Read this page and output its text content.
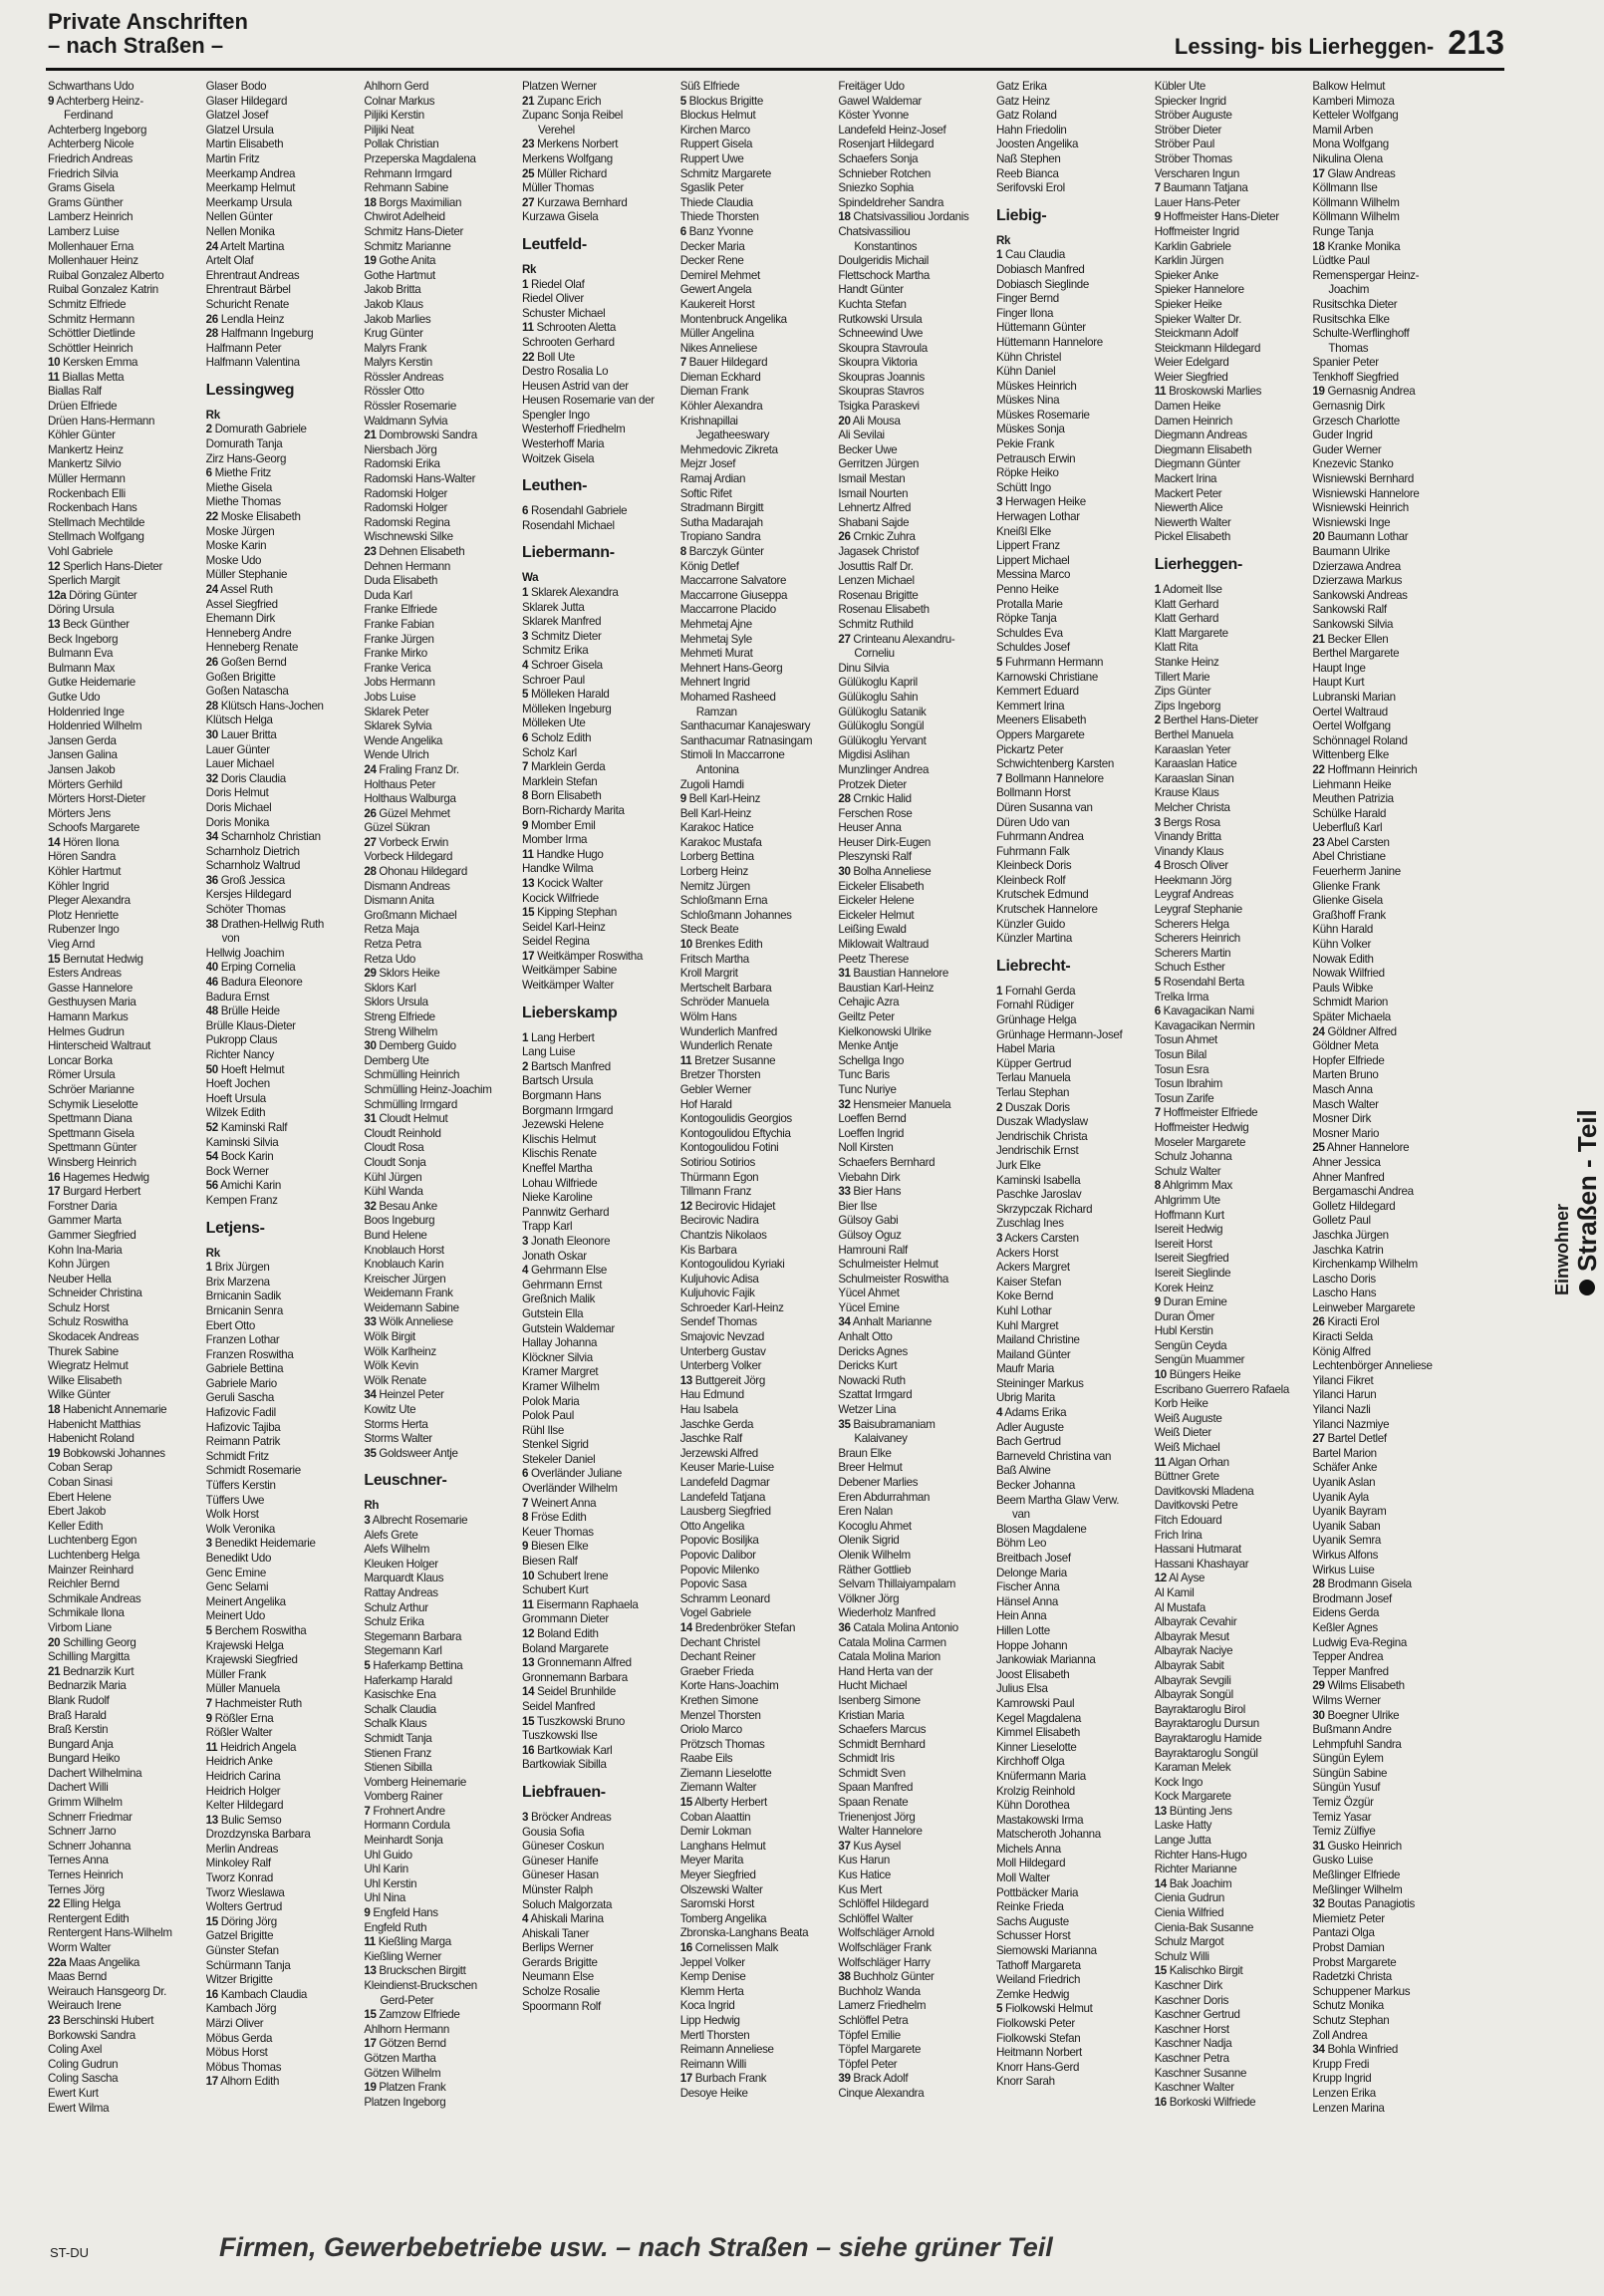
Private Anschriften
– nach Straßen –	Lessing- bis Lierheggen- 213
Schwarthans Udo
9 Achterberg Heinz-
Ferdinand
Achterberg Ingeborg
Achterberg Nicole
Friedrich Andreas
Friedrich Silvia
Grams Gisela
Grams Günther
Lamberz Heinrich
Lamberz Luise
Mollenhauer Erna
Mollenhauer Heinz
Ruibal Gonzalez Alberto
Ruibal Gonzalez Katrin
Schmitz Elfriede
Schmitz Hermann
Schöttler Dietlinde
Schöttler Heinrich
10 Kersken Emma
11 Biallas Metta
Biallas Ralf
Drüen Elfriede
Drüen Hans-Hermann
Köhler Günter
Mankertz Heinz
Mankertz Silvio
Müller Hermann
Rockenbach Elli
Rockenbach Hans
Stellmach Mechtilde
Stellmach Wolfgang
Vohl Gabriele
12 Sperlich Hans-Dieter
Sperlich Margit
12a Döring Günter
Döring Ursula
13 Beck Günther
Beck Ingeborg
Bulmann Eva
Bulmann Max
Gutke Heidemarie
Gutke Udo
Holdenried Inge
Holdenried Wilhelm
Jansen Gerda
Jansen Galina
Jansen Jakob
Mörters Gerhild
Mörters Horst-Dieter
Mörters Jens
Schoofs Margarete
14 Hören Ilona
Hören Sandra
Köhler Hartmut
Köhler Ingrid
Pleger Alexandra
Plotz Henriette
Rubenzer Ingo
Vieg Arnd
15 Bernutat Hedwig
Esters Andreas
Gasse Hannelore
Gesthuysen Maria
Hamann Markus
Helmes Gudrun
Hinterscheid Waltraut
Loncar Borka
Römer Ursula
Schröer Marianne
Schymik Lieselotte
Spettmann Diana
Spettmann Gisela
Spettmann Günter
Winsberg Heinrich
16 Hagemes Hedwig
17 Burgard Herbert
Forstner Daria
Gammer Marta
Gammer Siegfried
Kohn Ina-Maria
Kohn Jürgen
Neuber Hella
Schneider Christina
Schulz Horst
Schulz Roswitha
Skodacek Andreas
Thurek Sabine
Wiegratz Helmut
Wilke Elisabeth
Wilke Günter
18 Habenicht Annemarie
Habenicht Matthias
Habenicht Roland
19 Bobkowski Johannes
Coban Serap
Coban Sinasi
Ebert Helene
Ebert Jakob
Keller Edith
Luchtenberg Egon
Luchtenberg Helga
Mainzer Reinhard
Reichler Bernd
Schmikale Andreas
Schmikale Ilona
Virbom Liane
20 Schilling Georg
Schilling Margitta
21 Bednarzik Kurt
Bednarzik Maria
Blank Rudolf
Braß Harald
Braß Kerstin
Bungard Anja
Bungard Heiko
Dachert Wilhelmina
Dachert Willi
Grimm Wilhelm
Schnerr Friedmar
Schnerr Jarno
Schnerr Johanna
Ternes Anna
Ternes Heinrich
Ternes Jörg
22 Elling Helga
Rentergent Edith
Rentergent Hans-Wilhelm
Worm Walter
22a Maas Angelika
Maas Bernd
Weirauch Hansgeorg Dr.
Weirauch Irene
23 Berschinski Hubert
Borkowski Sandra
Coling Axel
Coling Gudrun
Coling Sascha
Ewert Kurt
Ewert Wilma
Glaser Bodo
Glaser Hildegard
Glatzel Josef
Glatzel Ursula
Martin Elisabeth
Martin Fritz
Meerkamp Andrea
Meerkamp Helmut
Meerkamp Ursula
Nellen Günter
Nellen Monika
24 Artelt Martina
Artelt Olaf
Ehrentraut Andreas
Ehrentraut Bärbel
Schuricht Renate
26 Lendla Heinz
28 Halfmann Ingeburg
Halfmann Peter
Halfmann Valentina
Lessingweg
Rk
2 Domurath Gabriele
Domurath Tanja
Zirz Hans-Georg
6 Miethe Fritz
Miethe Gisela
Miethe Thomas
22 Moske Elisabeth
Moske Jürgen
Moske Karin
Moske Udo
Müller Stephanie
24 Assel Ruth
Assel Siegfried
Ehemann Dirk
Henneberg Andre
Henneberg Renate
26 Goßen Bernd
Goßen Brigitte
Goßen Natascha
28 Klütsch Hans-Jochen
Klütsch Helga
30 Lauer Britta
Lauer Günter
Lauer Michael
32 Doris Claudia
Doris Helmut
Doris Michael
Doris Monika
34 Scharnholz Christian
Scharnholz Dietrich
Scharnholz Waltrud
36 Groß Jessica
Kersjes Hildegard
Schöter Thomas
38 Drathen-Hellwig Ruth
von
Hellwig Joachim
40 Erping Cornelia
46 Badura Eleonore
Badura Ernst
48 Brülle Heide
Brülle Klaus-Dieter
Pukropp Claus
Richter Nancy
50 Hoeft Helmut
Hoeft Jochen
Hoeft Ursula
Wilzek Edith
52 Kaminski Ralf
Kaminski Silvia
54 Bock Karin
Bock Werner
56 Amichi Karin
Kempen Franz
Letjens-
Rk
1 Brix Jürgen
Brix Marzena
Brnicanin Sadik
Brnicanin Senra
Ebert Otto
Franzen Lothar
Franzen Roswitha
Gabriele Bettina
Gabriele Mario
Geruli Sascha
Hafizovic Fadil
Hafizovic Tajiba
Reimann Patrik
Schmidt Fritz
Schmidt Rosemarie
Tüffers Kerstin
Tüffers Uwe
Wolk Horst
Wolk Veronika
3 Benedikt Heidemarie
Benedikt Udo
Genc Emine
Genc Selami
Meinert Angelika
Meinert Udo
5 Berchem Roswitha
Krajewski Helga
Krajewski Siegfried
Müller Frank
Müller Manuela
7 Hachmeister Ruth
9 Rößler Erna
Rößler Walter
11 Heidrich Angela
Heidrich Anke
Heidrich Carina
Heidrich Holger
Kelter Hildegard
13 Bulic Semso
Drozdzynska Barbara
Merlin Andreas
Minkoley Ralf
Tworz Konrad
Tworz Wieslawa
Wolters Gertrud
15 Döring Jörg
Gatzel Brigitte
Günster Stefan
Schürmann Tanja
Witzer Brigitte
16 Kambach Claudia
Kambach Jörg
Märzi Oliver
Möbus Gerda
Möbus Horst
Möbus Thomas
17 Alhorn Edith
Ahlhorn Gerd
Colnar Markus
Piljiki Kerstin
Piljiki Neat
Pollak Christian
Przeperska Magdalena
Rehmann Irmgard
Rehmann Sabine
18 Borgs Maximilian
Chwirot Adelheid
Schmitz Hans-Dieter
Schmitz Marianne
19 Gothe Anita
Gothe Hartmut
Jakob Britta
Jakob Klaus
Jakob Marlies
Krug Günter
Malyrs Frank
Malyrs Kerstin
Rössler Andreas
Rössler Otto
Rössler Rosemarie
Waldmann Sylvia
21 Dombrowski Sandra
Niersbach Jörg
Radomski Erika
Radomski Hans-Walter
Radomski Holger
Radomski Holger
Radomski Regina
Wischnewski Silke
23 Dehnen Elisabeth
Dehnen Hermann
Duda Elisabeth
Duda Karl
Franke Elfriede
Franke Fabian
Franke Jürgen
Franke Mirko
Franke Verica
Jobs Hermann
Jobs Luise
Sklarek Peter
Sklarek Sylvia
Wende Angelika
Wende Ulrich
24 Fraling Franz Dr.
Holthaus Peter
Holthaus Walburga
26 Güzel Mehmet
Güzel Sükran
27 Vorbeck Erwin
Vorbeck Hildegard
28 Ohonau Hildegard
Dismann Andreas
Dismann Anita
Großmann Michael
Retza Maja
Retza Petra
Retza Udo
29 Sklors Heike
Sklors Karl
Sklors Ursula
Streng Elfriede
Streng Wilhelm
30 Demberg Guido
Demberg Ute
Schmülling Heinrich
Schmülling Heinz-Joachim
Schmülling Irmgard
31 Cloudt Helmut
Cloudt Reinhold
Cloudt Rosa
Cloudt Sonja
Kühl Jürgen
Kühl Wanda
32 Besau Anke
Boos Ingeburg
Bund Helene
Knoblauch Horst
Knoblauch Karin
Kreischer Jürgen
Weidemann Frank
Weidemann Sabine
33 Wölk Anneliese
Wölk Birgit
Wölk Karlheinz
Wölk Kevin
Wölk Renate
34 Heinzel Peter
Kowitz Ute
Storms Herta
Storms Walter
35 Goldsweer Antje
Leuschner-
Rh
3 Albrecht Rosemarie
Alefs Grete
Alefs Wilhelm
Kleuken Holger
Marquardt Klaus
Rattay Andreas
Schulz Arthur
Schulz Erika
Stegemann Barbara
Stegemann Karl
5 Haferkamp Bettina
Haferkamp Harald
Kasischke Ena
Schalk Claudia
Schalk Klaus
Schmidt Tanja
Stienen Franz
Stienen Sibilla
Vomberg Heinemarie
Vomberg Rainer
7 Frohnert Andre
Hormann Cordula
Meinhardt Sonja
Uhl Guido
Uhl Karin
Uhl Kerstin
Uhl Nina
9 Engfeld Hans
Engfeld Ruth
11 Kießling Marga
Kießling Werner
13 Bruckschen Birgitt
Kleindienst-Bruckschen
Gerd-Peter
15 Zamzow Elfriede
Ahlhorn Hermann
17 Götzen Bernd
Götzen Martha
Götzen Wilhelm
19 Platzen Frank
Platzen Ingeborg
Platzen Werner
21 Zupanc Erich
Zupanc Sonja Reibel
Verehel
23 Merkens Norbert
Merkens Wolfgang
25 Müller Richard
Müller Thomas
27 Kurzawa Bernhard
Kurzawa Gisela
Leutfeld-
Rk
1 Riedel Olaf
Riedel Oliver
Schuster Michael
11 Schrooten Aletta
Schrooten Gerhard
22 Boll Ute
Destro Rosalia Lo
Heusen Astrid van der
Heusen Rosemarie van der
Spengler Ingo
Westerhoff Friedhelm
Westerhoff Maria
Woitzek Gisela
Leuthen-
6 Rosendahl Gabriele
Rosendahl Michael
Liebermann-
Wa
1 Sklarek Alexandra
Sklarek Jutta
Sklarek Manfred
3 Schmitz Dieter
Schmitz Erika
4 Schroer Gisela
Schroer Paul
5 Mölleken Harald
Mölleken Ingeburg
Mölleken Ute
6 Scholz Edith
Scholz Karl
7 Marklein Gerda
Marklein Stefan
8 Born Elisabeth
Born-Richardy Marita
9 Momber Emil
Momber Irma
11 Handke Hugo
Handke Wilma
13 Kocick Walter
Kocick Wilfriede
15 Kipping Stephan
Seidel Karl-Heinz
Seidel Regina
17 Weitkämper Roswitha
Weitkämper Sabine
Weitkämper Walter
Lieberskamp
1 Lang Herbert
Lang Luise
2 Bartsch Manfred
Bartsch Ursula
Borgmann Hans
Borgmann Irmgard
Jezewski Helene
Klischis Helmut
Klischis Renate
Kneffel Martha
Lohau Wilfriede
Nieke Karoline
Pannwitz Gerhard
Trapp Karl
3 Jonath Eleonore
Jonath Oskar
4 Gehrmann Else
Gehrmann Ernst
Greßnich Malik
Gutstein Ella
Gutstein Waldemar
Hallay Johanna
Klöckner Silvia
Kramer Margret
Kramer Wilhelm
Polok Maria
Polok Paul
Rühl Ilse
Stenkel Sigrid
Stekeler Daniel
6 Overländer Juliane
Overländer Wilhelm
7 Weinert Anna
8 Fröse Edith
Keuer Thomas
9 Biesen Elke
Biesen Ralf
10 Schubert Irene
Schubert Kurt
11 Eisermann Raphaela
Grommann Dieter
12 Boland Edith
Boland Margarete
13 Gronnemann Alfred
Gronnemann Barbara
14 Seidel Brunhilde
Seidel Manfred
15 Tuszkowski Bruno
Tuszkowski Ilse
16 Bartkowiak Karl
Bartkowiak Sibilla
Liebfrauen-
3 Bröcker Andreas
Gousia Sofia
Güneser Coskun
Güneser Hanife
Güneser Hasan
Münster Ralph
Soluch Malgorzata
4 Ahiskali Marina
Ahiskali Taner
Berlips Werner
Gerards Brigitte
Neumann Else
Scholze Rosalie
Spoormann Rolf
Süß Elfriede
5 Blockus Brigitte
Blockus Helmut
Kirchen Marco
Ruppert Gisela
Ruppert Uwe
Schmitz Margarete
Sgaslik Peter
Thiede Claudia
Thiede Thorsten
6 Banz Yvonne
Decker Maria
Decker Rene
Demirel Mehmet
Gewert Angela
Kaukereit Horst
Montenbruck Angelika
Müller Angelina
Nikes Anneliese
7 Bauer Hildegard
Dieman Eckhard
Dieman Frank
Köhler Alexandra
Krishnapillai
Jegatheeswary
Mehmedovic Zikreta
Mejzr Josef
Ramaj Ardian
Softic Rifet
Stradmann Birgitt
Sutha Madarajah
Tropiano Sandra
8 Barczyk Günter
König Detlef
Maccarrone Salvatore
Maccarrone Giuseppa
Maccarrone Placido
Mehmetaj Ajne
Mehmetaj Syle
Mehmeti Murat
Mehnert Hans-Georg
Mehnert Ingrid
Mohamed Rasheed
Ramzan
Santhacumar Kanajeswary
Santhacumar Ratnasingam
Stimoli In Maccarrone
Antonina
Zugoli Hamdi
9 Bell Karl-Heinz
Bell Karl-Heinz
Karakoc Hatice
Karakoc Mustafa
Lorberg Bettina
Lorberg Heinz
Nemitz Jürgen
Schloßmann Erna
Schloßmann Johannes
Steck Beate
10 Brenkes Edith
Fritsch Martha
Kroll Margrit
Mertschelt Barbara
Schröder Manuela
Wölm Hans
Wunderlich Manfred
Wunderlich Renate
11 Bretzer Susanne
Bretzer Thorsten
Gebler Werner
Hof Harald
Kontogoulidis Georgios
Kontogoulidou Eftychia
Kontogoulidou Fotini
Sotiriou Sotirios
Thürmann Egon
Tillmann Franz
12 Becirovic Hidajet
Becirovic Nadira
Chantzis Nikolaos
Kis Barbara
Kontogoulidou Kyriaki
Kuljuhovic Adisa
Kuljuhovic Fajik
Schroeder Karl-Heinz
Sendef Thomas
Smajovic Nevzad
Unterberg Gustav
Unterberg Volker
13 Buttgereit Jörg
Hau Edmund
Hau Isabela
Jaschke Gerda
Jaschke Ralf
Jerzewski Alfred
Keuser Marie-Luise
Landefeld Dagmar
Landefeld Tatjana
Lausberg Siegfried
Otto Angelika
Popovic Bosiljka
Popovic Dalibor
Popovic Milenko
Popovic Sasa
Schramm Leonard
Vogel Gabriele
14 Bredenbröker Stefan
Dechant Christel
Dechant Reiner
Graeber Frieda
Korte Hans-Joachim
Krethen Simone
Menzel Thorsten
Oriolo Marco
Prötzsch Thomas
Raabe Eils
Ziemann Lieselotte
Ziemann Walter
15 Alberty Herbert
Coban Alaattin
Demir Lokman
Langhans Helmut
Meyer Marita
Meyer Siegfried
Olszewski Walter
Saromski Horst
Tomberg Angelika
Zbronska-Langhans Beata
16 Cornelissen Malk
Jeppel Volker
Kemp Denise
Klemm Herta
Koca Ingrid
Lipp Hedwig
Mertl Thorsten
Reimann Anneliese
Reimann Willi
17 Burbach Frank
Desoye Heike
Freitäger Udo
Gawel Waldemar
Köster Yvonne
Landefeld Heinz-Josef
Rosenjart Hildegard
Schaefers Sonja
Schnieber Rotchen
Sniezko Sophia
Spindeldreher Sandra
18 Chatsivassiliou Jordanis
Chatsivassiliou
Konstantinos
Doulgeridis Michail
Flettschock Martha
Handt Günter
Kuchta Stefan
Rutkowski Ursula
Schneewind Uwe
Skoupra Stavroula
Skoupra Viktoria
Skoupras Joannis
Skoupras Stavros
Tsigka Paraskevi
20 Ali Mousa
Ali Sevilai
Becker Uwe
Gerritzen Jürgen
Ismail Mestan
Ismail Nourten
Lehnertz Alfred
Shabani Sajde
26 Crnkic Zuhra
Jagasek Christof
Josuttis Ralf Dr.
Lenzen Michael
Rosenau Brigitte
Rosenau Elisabeth
Schmitz Ruthild
27 Crinteanu Alexandru-
Corneliu
Dinu Silvia
Gülükoglu Kapril
Gülükoglu Sahin
Gülükoglu Satanik
Gülükoglu Songül
Gülükoglu Yervant
Migdisi Aslihan
Munzlinger Andrea
Protzek Dieter
28 Crnkic Halid
Ferschen Rose
Heuser Anna
Heuser Dirk-Eugen
Pleszynski Ralf
30 Bolha Anneliese
Eickeler Elisabeth
Eickeler Helene
Eickeler Helmut
Leißing Ewald
Miklowait Waltraud
Peetz Therese
31 Baustian Hannelore
Baustian Karl-Heinz
Cehajic Azra
Geiltz Peter
Kielkonowski Ulrike
Menke Antje
Schellga Ingo
Tunc Baris
Tunc Nuriye
32 Hensmeier Manuela
Loeffen Bernd
Loeffen Ingrid
Noll Kirsten
Schaefers Bernhard
Viebahn Dirk
33 Bier Hans
Bier Ilse
Gülsoy Gabi
Gülsoy Oguz
Hamrouni Ralf
Schulmeister Helmut
Schulmeister Roswitha
Yücel Ahmet
Yücel Emine
34 Anhalt Marianne
Anhalt Otto
Dericks Agnes
Dericks Kurt
Nowacki Ruth
Szattat Irmgard
Wetzer Lina
35 Baisubramaniam
Kalaivaney
Braun Elke
Breer Helmut
Debener Marlies
Eren Abdurrahman
Eren Nalan
Kocoglu Ahmet
Olenik Sigrid
Olenik Wilhelm
Räther Gottlieb
Selvam Thillaiyampalam
Völkner Jörg
Wiederholz Manfred
36 Catala Molina Antonio
Catala Molina Carmen
Catala Molina Marion
Hand Herta van der
Hucht Michael
Isenberg Simone
Kristian Maria
Schaefers Marcus
Schmidt Bernhard
Schmidt Iris
Schmidt Sven
Spaan Manfred
Spaan Renate
Trienenjost Jörg
Walter Hannelore
37 Kus Aysel
Kus Harun
Kus Hatice
Kus Mert
Schlöffel Hildegard
Schlöffel Walter
Wolfschläger Arnold
Wolfschläger Frank
Wolfschläger Harry
38 Buchholz Günter
Buchholz Wanda
Lamerz Friedhelm
Schlöffel Petra
Töpfel Emilie
Töpfel Margarete
Töpfel Peter
39 Brack Adolf
Cinque Alexandra
Gatz Erika
Gatz Heinz
Gatz Roland
Hahn Friedolin
Joosten Angelika
Naß Stephen
Reeb Bianca
Serifovski Erol
Liebig-
Rk
1 Cau Claudia
Dobiasch Manfred
Dobiasch Sieglinde
Finger Bernd
Finger Ilona
Hüttemann Günter
Hüttemann Hannelore
Kühn Christel
Kühn Daniel
Müskes Heinrich
Müskes Nina
Müskes Rosemarie
Müskes Sonja
Pekie Frank
Petrausch Erwin
Röpke Heiko
Schütt Ingo
3 Herwagen Heike
Herwagen Lothar
Kneißl Elke
Lippert Franz
Lippert Michael
Messina Marco
Penno Heike
Protalla Marie
Röpke Tanja
Schuldes Eva
Schuldes Josef
5 Fuhrmann Hermann
Karnowski Christiane
Kemmert Eduard
Kemmert Irina
Meeners Elisabeth
Oppers Margarete
Pickartz Peter
Schwichtenberg Karsten
7 Bollmann Hannelore
Bollmann Horst
Düren Susanna van
Düren Udo van
Fuhrmann Andrea
Fuhrmann Falk
Kleinbeck Doris
Kleinbeck Rolf
Krutschek Edmund
Krutschek Hannelore
Künzler Guido
Künzler Martina
Liebrecht-
1 Fornahl Gerda
Fornahl Rüdiger
Grünhage Helga
Grünhage Hermann-Josef
Habel Maria
Küpper Gertrud
Terlau Manuela
Terlau Stephan
2 Duszak Doris
Duszak Wladyslaw
Jendrischik Christa
Jendrischik Ernst
Jurk Elke
Kaminski Isabella
Paschke Jaroslav
Skrzypczak Richard
Zuschlag Ines
3 Ackers Carsten
Ackers Horst
Ackers Margret
Kaiser Stefan
Koke Bernd
Kuhl Lothar
Kuhl Margret
Mailand Christine
Mailand Günter
Maufr Maria
Steininger Markus
Ubrig Marita
4 Adams Erika
Adler Auguste
Bach Gertrud
Barneveld Christina van
Baß Alwine
Becker Johanna
Beem Martha Glaw Verw.
van
Blosen Magdalene
Böhm Leo
Breitbach Josef
Delonge Maria
Fischer Anna
Hänsel Anna
Hein Anna
Hillen Lotte
Hoppe Johann
Jankowiak Marianna
Joost Elisabeth
Julius Elsa
Kamrowski Paul
Kegel Magdalena
Kimmel Elisabeth
Kinner Lieselotte
Kirchhoff Olga
Knüfermann Maria
Krolzig Reinhold
Kühn Dorothea
Mastakowski Irma
Matscheroth Johanna
Michels Anna
Moll Hildegard
Moll Walter
Pottbäcker Maria
Reinke Frieda
Sachs Auguste
Schusser Horst
Siemowski Marianna
Tathoff Margareta
Weiland Friedrich
Zemke Hedwig
5 Fiolkowski Helmut
Fiolkowski Peter
Fiolkowski Stefan
Heitmann Norbert
Knorr Hans-Gerd
Knorr Sarah
Kübler Ute
Spiecker Ingrid
Ströber Auguste
Ströber Dieter
Ströber Paul
Ströber Thomas
Verscharen Ingun
7 Baumann Tatjana
Lauer Hans-Peter
9 Hoffmeister Hans-Dieter
Hoffmeister Ingrid
Karklin Gabriele
Karklin Jürgen
Spieker Anke
Spieker Hannelore
Spieker Heike
Spieker Walter Dr.
Steickmann Adolf
Steickmann Hildegard
Weier Edelgard
Weier Siegfried
11 Broskowski Marlies
Damen Heike
Damen Heinrich
Diegmann Andreas
Diegmann Elisabeth
Diegmann Günter
Mackert Irina
Mackert Peter
Niewerth Alice
Niewerth Walter
Pickel Elisabeth
Lierheggen-
1 Adomeit Ilse
Klatt Gerhard
Klatt Gerhard
Klatt Margarete
Klatt Rita
Stanke Heinz
Tillert Marie
Zips Günter
Zips Ingeborg
2 Berthel Hans-Dieter
Berthel Manuela
Karaaslan Yeter
Karaaslan Hatice
Karaaslan Sinan
Krause Klaus
Melcher Christa
3 Bergs Rosa
Vinandy Britta
Vinandy Klaus
4 Brosch Oliver
Heekmann Jörg
Leygraf Andreas
Leygraf Stephanie
Scherers Helga
Scherers Heinrich
Scherers Martin
Schuch Esther
5 Rosendahl Berta
Trelka Irma
6 Kavagacikan Nami
Kavagacikan Nermin
Tosun Ahmet
Tosun Bilal
Tosun Esra
Tosun Ibrahim
Tosun Zarife
7 Hoffmeister Elfriede
Hoffmeister Hedwig
Moseler Margarete
Schulz Johanna
Schulz Walter
8 Ahlgrimm Max
Ahlgrimm Ute
Hoffmann Kurt
Isereit Hedwig
Isereit Horst
Isereit Siegfried
Isereit Sieglinde
Korek Heinz
9 Duran Emine
Duran Ömer
Hubl Kerstin
Sengün Ceyda
Sengün Muammer
10 Büngers Heike
Escribano Guerrero Rafaela
Korb Heike
Weiß Auguste
Weiß Dieter
Weiß Michael
11 Algan Orhan
Büttner Grete
Davitkovski Mladena
Davitkovski Petre
Fitch Edouard
Frich Irina
Hassani Hutmarat
Hassani Khashayar
12 Al Ayse
Al Kamil
Al Mustafa
Albayrak Cevahir
Albayrak Mesut
Albayrak Naciye
Albayrak Sabit
Albayrak Sevgili
Albayrak Songül
Bayraktaroglu Birol
Bayraktaroglu Dursun
Bayraktaroglu Hamide
Bayraktaroglu Songül
Karaman Melek
Kock Ingo
Kock Margarete
13 Bünting Jens
Laske Hatty
Lange Jutta
Richter Hans-Hugo
Richter Marianne
14 Bak Joachim
Cienia Gudrun
Cienia Wilfried
Cienia-Bak Susanne
Schulz Margot
Schulz Willi
15 Kalischko Birgit
Kaschner Dirk
Kaschner Doris
Kaschner Gertrud
Kaschner Horst
Kaschner Nadja
Kaschner Petra
Kaschner Susanne
Kaschner Walter
16 Borkoski Wilfriede
Balkow Helmut
Kamberi Mimoza
Ketteler Wolfgang
Mamil Arben
Mona Wolfgang
Nikulina Olena
17 Glaw Andreas
Köllmann Ilse
Köllmann Wilhelm
Köllmann Wilhelm
Runge Tanja
18 Kranke Monika
Lüdtke Paul
Remenspergar Heinz-
Joachim
Rusitschka Dieter
Rusitschka Elke
Schulte-Werflinghoff
Thomas
Spanier Peter
Tenkhoff Siegfried
19 Gernasnig Andrea
Gernasnig Dirk
Grzesch Charlotte
Guder Ingrid
Guder Werner
Knezevic Stanko
Wisniewski Bernhard
Wisniewski Hannelore
Wisniewski Heinrich
Wisniewski Inge
20 Baumann Lothar
Baumann Ulrike
Dzierzawa Andrea
Dzierzawa Markus
Sankowski Andreas
Sankowski Ralf
Sankowski Silvia
21 Becker Ellen
Berthel Margarete
Haupt Inge
Haupt Kurt
Lubranski Marian
Oertel Waltraud
Oertel Wolfgang
Schönnagel Roland
Wittenberg Elke
22 Hoffmann Heinrich
Liehmann Heike
Meuthen Patrizia
Schülke Harald
Ueberfluß Karl
23 Abel Carsten
Abel Christiane
Feuerherm Janine
Glienke Frank
Glienke Gisela
Graßhoff Frank
Kühn Harald
Kühn Volker
Nowak Edith
Nowak Wilfried
Pauls Wibke
Schmidt Marion
Später Michaela
24 Göldner Alfred
Göldner Meta
Hopfer Elfriede
Marten Bruno
Masch Anna
Masch Walter
Mosner Dirk
Mosner Mario
25 Ahner Hannelore
Ahner Jessica
Ahner Manfred
Bergamaschi Andrea
Golletz Hildegard
Golletz Paul
Jaschka Jürgen
Jaschka Katrin
Kirchenkamp Wilhelm
Lascho Doris
Lascho Hans
Leinweber Margarete
26 Kiracti Erol
Kiracti Selda
König Alfred
Lechtenbörger Anneliese
Yilanci Fikret
Yilanci Harun
Yilanci Nazli
Yilanci Nazmiye
27 Bartel Detlef
Bartel Marion
Schäfer Anke
Uyanik Aslan
Uyanik Ayla
Uyanik Bayram
Uyanik Saban
Uyanik Semra
Wirkus Alfons
Wirkus Luise
28 Brodmann Gisela
Brodmann Josef
Eidens Gerda
Keßler Agnes
Ludwig Eva-Regina
Tepper Andrea
Tepper Manfred
29 Wilms Elisabeth
Wilms Werner
30 Boegner Ulrike
Bußmann Andre
Lehmpfuhl Sandra
Süngün Eylem
Süngün Sabine
Süngün Yusuf
Temiz Özgür
Temiz Yasar
Temiz Zülfiye
31 Gusko Heinrich
Gusko Luise
Meßlinger Elfriede
Meßlinger Wilhelm
32 Boutas Panagiotis
Miemietz Peter
Pantazi Olga
Probst Damian
Probst Margarete
Radetzki Christa
Schuppener Markus
Schutz Monika
Schutz Stephan
Zoll Andrea
34 Bohla Winfried
Krupp Fredi
Krupp Ingrid
Lenzen Erika
Lenzen Marina
Einwohner Straßen - Teil
ST-DU	Firmen, Gewerbebetriebe usw. – nach Straßen – siehe grüner Teil
